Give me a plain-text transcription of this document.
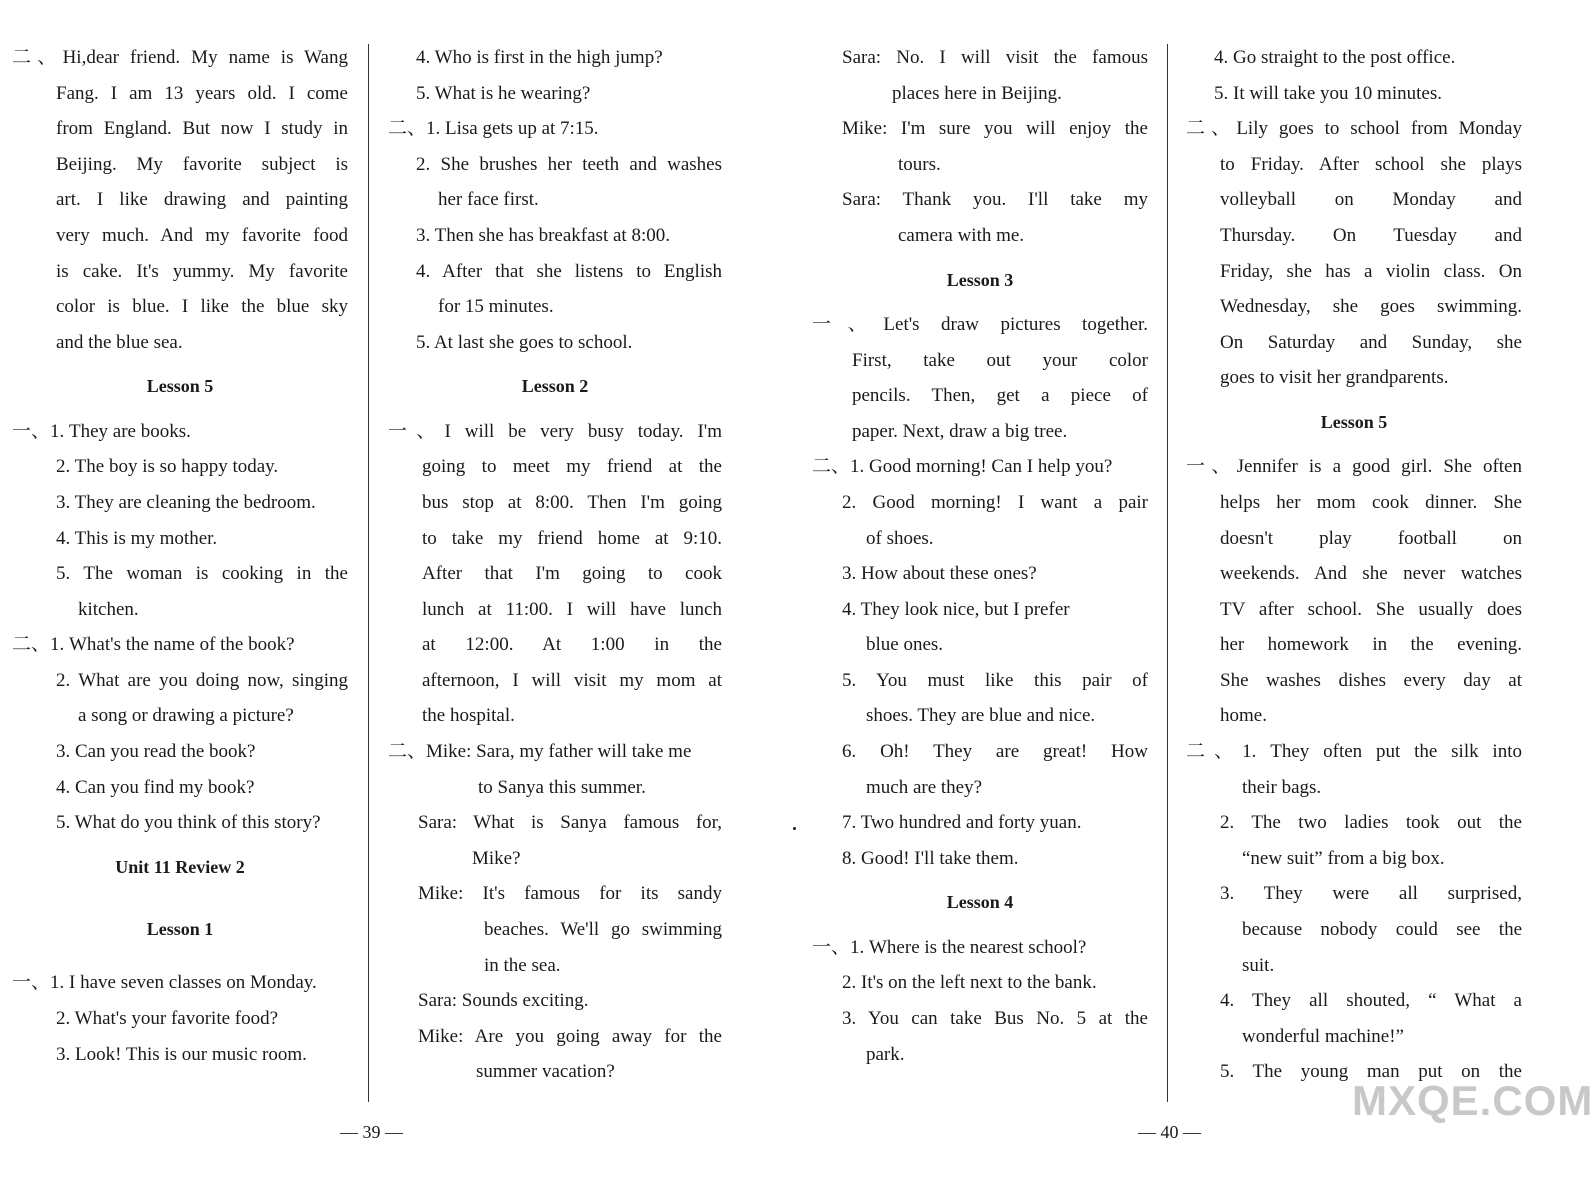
二、Hi,dear friend. My name is Wang
Fang. I am 13 years old. I come
from England. But now I study in
Beijing. My favorite subject is
art. I like drawing and painting
very much. And my favorite food
is cake. It's yummy. My favorite
color is blue. I like the blue sky
and the blue sea.
Lesson 5
一、1. They are books.
2. The boy is so happy today.
3. They are cleaning the bedroom.
4. This is my mother.
5. The woman is cooking in the
kitchen.
二、1. What's the name of the book?
2. What are you doing now, singing
a song or drawing a picture?
3. Can you read the book?
4. Can you find my book?
5. What do you think of this story?
Unit 11 Review 2
Lesson 1
一、1. I have seven classes on Monday.
2. What's your favorite food?
3. Look! This is our music room.
4. Who is first in the high jump?
5. What is he wearing?
二、1. Lisa gets up at 7:15.
2. She brushes her teeth and washes
her face first.
3. Then she has breakfast at 8:00.
4. After that she listens to English
for 15 minutes.
5. At last she goes to school.
Lesson 2
一、I will be very busy today. I'm
going to meet my friend at the
bus stop at 8:00. Then I'm going
to take my friend home at 9:10.
After that I'm going to cook
lunch at 11:00. I will have lunch
at 12:00. At 1:00 in the
afternoon, I will visit my mom at
the hospital.
二、Mike: Sara, my father will take me
to Sanya this summer.
Sara: What is Sanya famous for,
Mike?
Mike: It's famous for its sandy
beaches. We'll go swimming
in the sea.
Sara: Sounds exciting.
Mike: Are you going away for the
summer vacation?
Sara: No. I will visit the famous
places here in Beijing.
Mike: I'm sure you will enjoy the
tours.
Sara: Thank you. I'll take my
camera with me.
Lesson 3
一、Let's draw pictures together.
First, take out your color
pencils. Then, get a piece of
paper. Next, draw a big tree.
二、1. Good morning! Can I help you?
2. Good morning! I want a pair
of shoes.
3. How about these ones?
4. They look nice, but I prefer
blue ones.
5. You must like this pair of
shoes. They are blue and nice.
6. Oh! They are great! How
much are they?
7. Two hundred and forty yuan.
8. Good! I'll take them.
Lesson 4
一、1. Where is the nearest school?
2. It's on the left next to the bank.
3. You can take Bus No. 5 at the
park.
4. Go straight to the post office.
5. It will take you 10 minutes.
二、Lily goes to school from Monday
to Friday. After school she plays
volleyball on Monday and
Thursday. On Tuesday and
Friday, she has a violin class. On
Wednesday, she goes swimming.
On Saturday and Sunday, she
goes to visit her grandparents.
Lesson 5
一、Jennifer is a good girl. She often
helps her mom cook dinner. She
doesn't play football on
weekends. And she never watches
TV after school. She usually does
her homework in the evening.
She washes dishes every day at
home.
二、1. They often put the silk into
their bags.
2. The two ladies took out the
“new suit” from a big box.
3. They were all surprised,
because nobody could see the
suit.
4. They all shouted, “ What a
wonderful machine!”
5. The young man put on the
— 39 —	— 40 —
MXQE.COM
